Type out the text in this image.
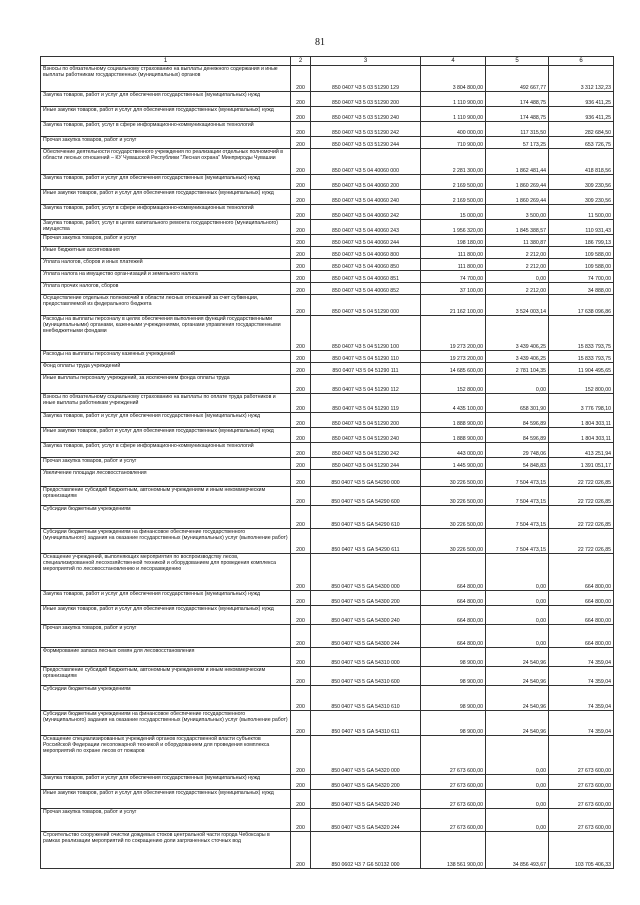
81
1	2	3	4	5	6
Взносы по обязательному социальному страхованию на выплаты денежного содержания и иные выплаты работникам государственных (муниципальных) органов	200	850 0407 Ч3 5 03 51290 129	3 804 800,00	492 667,77	3 312 132,23
Закупка товаров, работ и услуг для обеспечения государственных (муниципальных) нужд	200	850 0407 Ч3 5 03 51290 200	1 110 900,00	174 488,75	936 411,25
Иные закупки товаров, работ и услуг для обеспечения государственных (муниципальных) нужд	200	850 0407 Ч3 5 03 51290 240	1 110 900,00	174 488,75	936 411,25
Закупка товаров, работ, услуг в сфере информационно-коммуникационных технологий	200	850 0407 Ч3 5 03 51290 242	400 000,00	117 315,50	282 684,50
Прочая закупка товаров, работ и услуг	200	850 0407 Ч3 5 03 51290 244	710 900,00	57 173,25	653 726,75
Обеспечение деятельности государственного учреждения по реализации отдельных полномочий в области лесных отношений – КУ Чувашской Республики "Лесная охрана" Минприроды Чувашии	200	850 0407 Ч3 5 04 40060 000	2 281 300,00	1 862 481,44	418 818,56
Закупка товаров, работ и услуг для обеспечения государственных (муниципальных) нужд	200	850 0407 Ч3 5 04 40060 200	2 169 500,00	1 860 269,44	309 230,56
Иные закупки товаров, работ и услуг для обеспечения государственных (муниципальных) нужд	200	850 0407 Ч3 5 04 40060 240	2 169 500,00	1 860 269,44	309 230,56
Закупка товаров, работ, услуг в сфере информационно-коммуникационных технологий	200	850 0407 Ч3 5 04 40060 242	15 000,00	3 500,00	11 500,00
Закупка товаров, работ, услуг в целях капитального ремонта государственного (муниципального) имущества	200	850 0407 Ч3 5 04 40060 243	1 956 320,00	1 845 388,57	110 931,43
Прочая закупка товаров, работ и услуг	200	850 0407 Ч3 5 04 40060 244	198 180,00	11 380,87	186 799,13
Иные бюджетные ассигнования	200	850 0407 Ч3 5 04 40060 800	111 800,00	2 212,00	109 588,00
Уплата налогов, сборов и иных платежей	200	850 0407 Ч3 5 04 40060 850	111 800,00	2 212,00	109 588,00
Уплата налога на имущество орган-изаций и земельного налога	200	850 0407 Ч3 5 04 40060 851	74 700,00	0,00	74 700,00
Уплата прочих налогов, сборов	200	850 0407 Ч3 5 04 40060 852	37 100,00	2 212,00	34 888,00
Осуществление отдельных полномочий в области лесных отношений за счет субвенции, предоставляемой из федерального бюджета	200	850 0407 Ч3 5 04 51290 000	21 162 100,00	3 524 003,14	17 638 096,86
Расходы на выплаты персоналу в целях обеспечения выполнения функций государственными (муниципальными) органами, казенными учреждениями, органами управления государственными внебюджетными фондами	200	850 0407 Ч3 5 04 51290 100	19 273 200,00	3 439 406,25	15 833 793,75
Расходы на выплаты персоналу казенных учреждений	200	850 0407 Ч3 5 04 51290 110	19 273 200,00	3 439 406,25	15 833 793,75
Фонд оплаты труда учреждений	200	850 0407 Ч3 5 04 51290 111	14 685 600,00	2 781 104,35	11 904 495,65
Иные выплаты персоналу учреждений, за исключением фонда оплаты труда	200	850 0407 Ч3 5 04 51290 112	152 800,00	0,00	152 800,00
Взносы по обязательному социальному страхованию на выплаты по оплате труда работников и иные выплаты работникам учреждений	200	850 0407 Ч3 5 04 51290 119	4 435 100,00	658 301,90	3 776 798,10
Закупка товаров, работ и услуг для обеспечения государственных (муниципальных) нужд	200	850 0407 Ч3 5 04 51290 200	1 888 900,00	84 596,89	1 804 303,11
Иные закупки товаров, работ и услуг для обеспечения государственных (муниципальных) нужд	200	850 0407 Ч3 5 04 51290 240	1 888 900,00	84 596,89	1 804 303,11
Закупка товаров, работ, услуг в сфере информационно-коммуникационных технологий	200	850 0407 Ч3 5 04 51290 242	443 000,00	29 748,06	413 251,94
Прочая закупка товаров, работ и услуг	200	850 0407 Ч3 5 04 51290 244	1 445 900,00	54 848,83	1 391 051,17
Увеличение площади лесовосстановления	200	850 0407 Ч3 5 GA 54290 000	30 226 500,00	7 504 473,15	22 722 026,85
Предоставление субсидий бюджетным, автономным учреждениям и иным некоммерческим организациям	200	850 0407 Ч3 5 GA 54290 600	30 226 500,00	7 504 473,15	22 722 026,85
Субсидии бюджетным учреждениям	200	850 0407 Ч3 5 GA 54290 610	30 226 500,00	7 504 473,15	22 722 026,85
Субсидии бюджетным учреждениям на финансовое обеспечение государственного (муниципального) задания на оказание государственных (муниципальных) услуг (выполнение работ)	200	850 0407 Ч3 5 GA 54290 611	30 226 500,00	7 504 473,15	22 722 026,85
Оснащение учреждений, выполняющих мероприятия по воспроизводству лесов, специализированной лесохозяйственной техникой и оборудованием для проведения комплекса мероприятий по лесовосстановлению и лесоразведению	200	850 0407 Ч3 5 GA 54300 000	664 800,00	0,00	664 800,00
Закупка товаров, работ и услуг для обеспечения государственных (муниципальных) нужд	200	850 0407 Ч3 5 GA 54300 200	664 800,00	0,00	664 800,00
Иные закупки товаров, работ и услуг для обеспечения государственных (муниципальных) нужд	200	850 0407 Ч3 5 GA 54300 240	664 800,00	0,00	664 800,00
Прочая закупка товаров, работ и услуг	200	850 0407 Ч3 5 GA 54300 244	664 800,00	0,00	664 800,00
Формирование запаса лесных семян для лесовосстановления	200	850 0407 Ч3 5 GA 54310 000	98 900,00	24 540,96	74 359,04
Предоставление субсидий бюджетным, автономным учреждениям и иным некоммерческим организациям	200	850 0407 Ч3 5 GA 54310 600	98 900,00	24 540,96	74 359,04
Субсидии бюджетным учреждениям	200	850 0407 Ч3 5 GA 54310 610	98 900,00	24 540,96	74 359,04
Субсидии бюджетным учреждениям на финансовое обеспечение государственного (муниципального) задания на оказание государственных (муниципальных) услуг (выполнение работ)	200	850 0407 Ч3 5 GA 54310 611	98 900,00	24 540,96	74 359,04
Оснащение специализированных учреждений органов государственной власти субъектов Российской Федерации лесопожарной техникой и оборудованием для проведения комплекса мероприятий по охране лесов от пожаров	200	850 0407 Ч3 5 GA 54320 000	27 673 600,00	0,00	27 673 600,00
Закупка товаров, работ и услуг для обеспечения государственных (муниципальных) нужд	200	850 0407 Ч3 5 GA 54320 200	27 673 600,00	0,00	27 673 600,00
Иные закупки товаров, работ и услуг для обеспечения государственных (муниципальных) нужд	200	850 0407 Ч3 5 GA 54320 240	27 673 600,00	0,00	27 673 600,00
Прочая закупка товаров, работ и услуг	200	850 0407 Ч3 5 GA 54320 244	27 673 600,00	0,00	27 673 600,00
Строительство сооружений очистки дождевых стоков центральной части города Чебоксары в рамках реализации мероприятий по сокращению доли загрязненных сточных вод	200	850 0602 Ч3 7 G6 50132 000	138 561 900,00	34 856 493,67	103 705 406,33
